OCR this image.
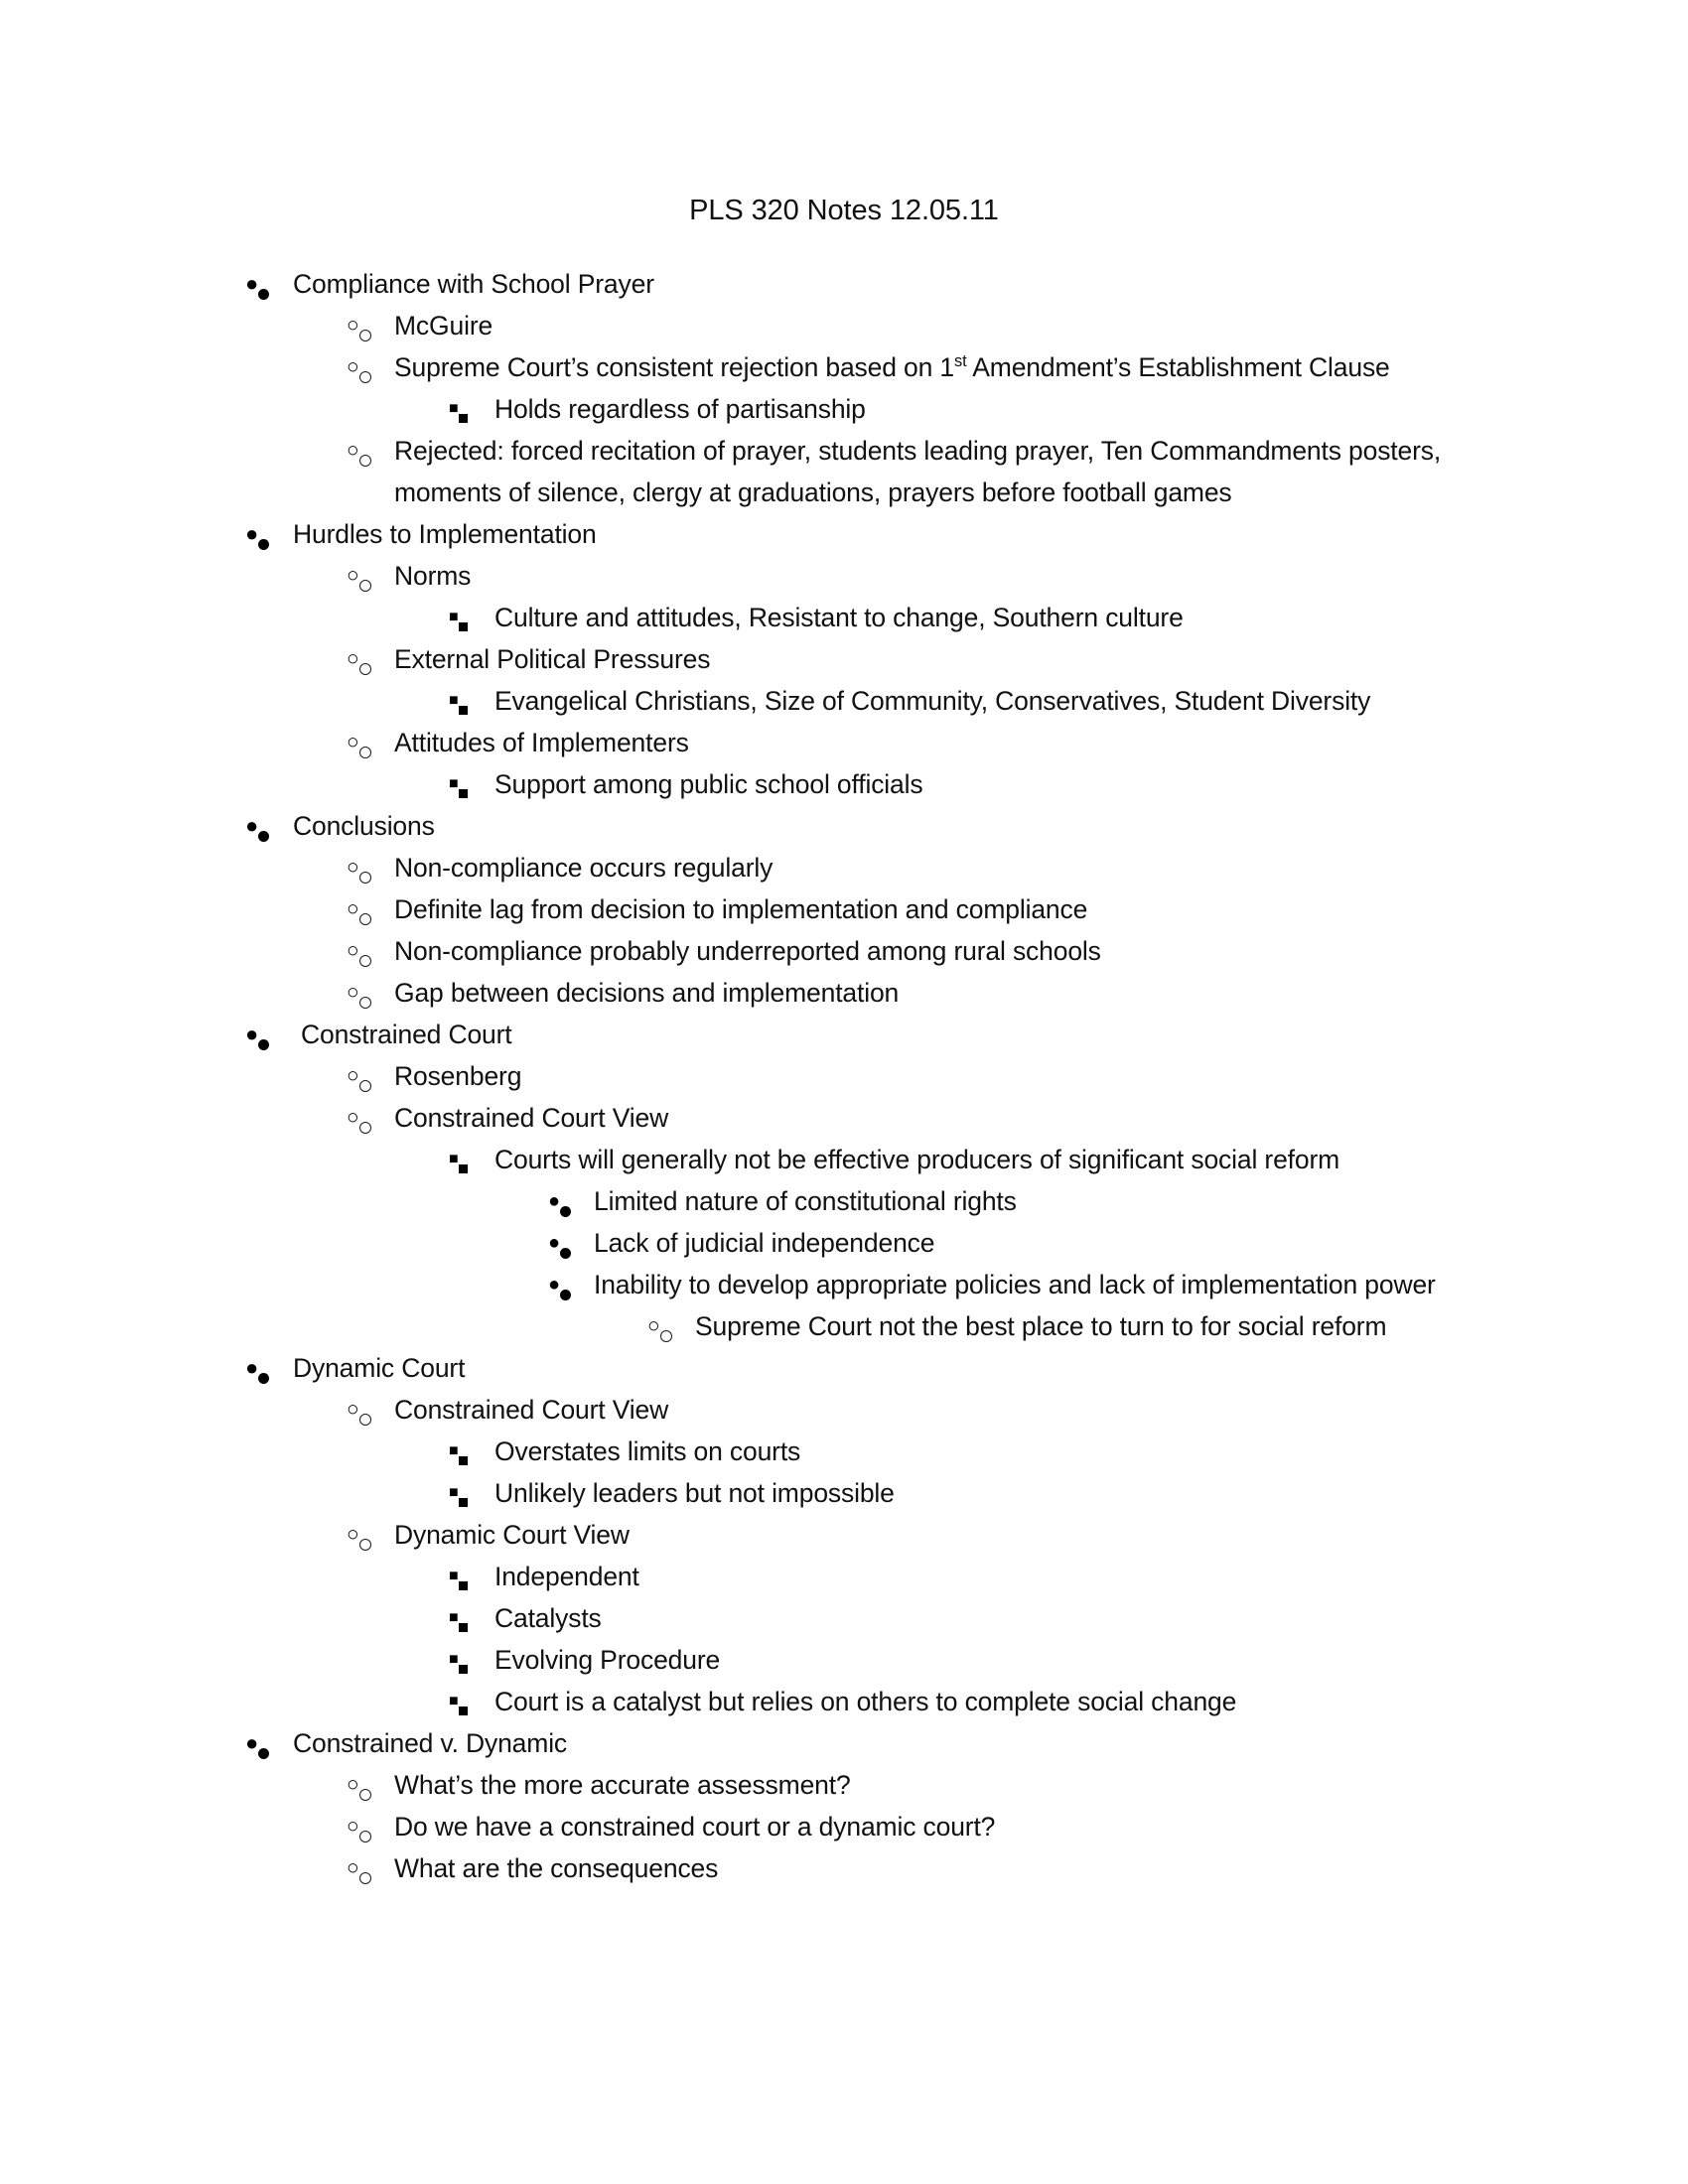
PLS 320 Notes 12.05.11
●
Compliance with School Prayer
○
McGuire
○
Supreme Court’s consistent rejection based on 1st Amendment’s Establishment Clause
■
Holds regardless of partisanship
○
Rejected: forced recitation of prayer, students leading prayer, Ten Commandments posters, moments of silence, clergy at graduations, prayers before football games
●
Hurdles to Implementation
○
Norms
■
Culture and attitudes, Resistant to change, Southern culture
○
External Political Pressures
■
Evangelical Christians, Size of Community, Conservatives, Student Diversity
○
Attitudes of Implementers
■
Support among public school officials
●
Conclusions
○
Non-compliance occurs regularly
○
Definite lag from decision to implementation and compliance
○
Non-compliance probably underreported among rural schools
○
Gap between decisions and implementation
●
Constrained Court
○
Rosenberg
○
Constrained Court View
■
Courts will generally not be effective producers of significant social reform
●
Limited nature of constitutional rights
●
Lack of judicial independence
●
Inability to develop appropriate policies and lack of implementation power
○
Supreme Court not the best place to turn to for social reform
●
Dynamic Court
○
Constrained Court View
■
Overstates limits on courts
■
Unlikely leaders but not impossible
○
Dynamic Court View
■
Independent
■
Catalysts
■
Evolving Procedure
■
Court is a catalyst but relies on others to complete social change
●
Constrained v. Dynamic
○
What’s the more accurate assessment?
○
Do we have a constrained court or a dynamic court?
○
What are the consequences
